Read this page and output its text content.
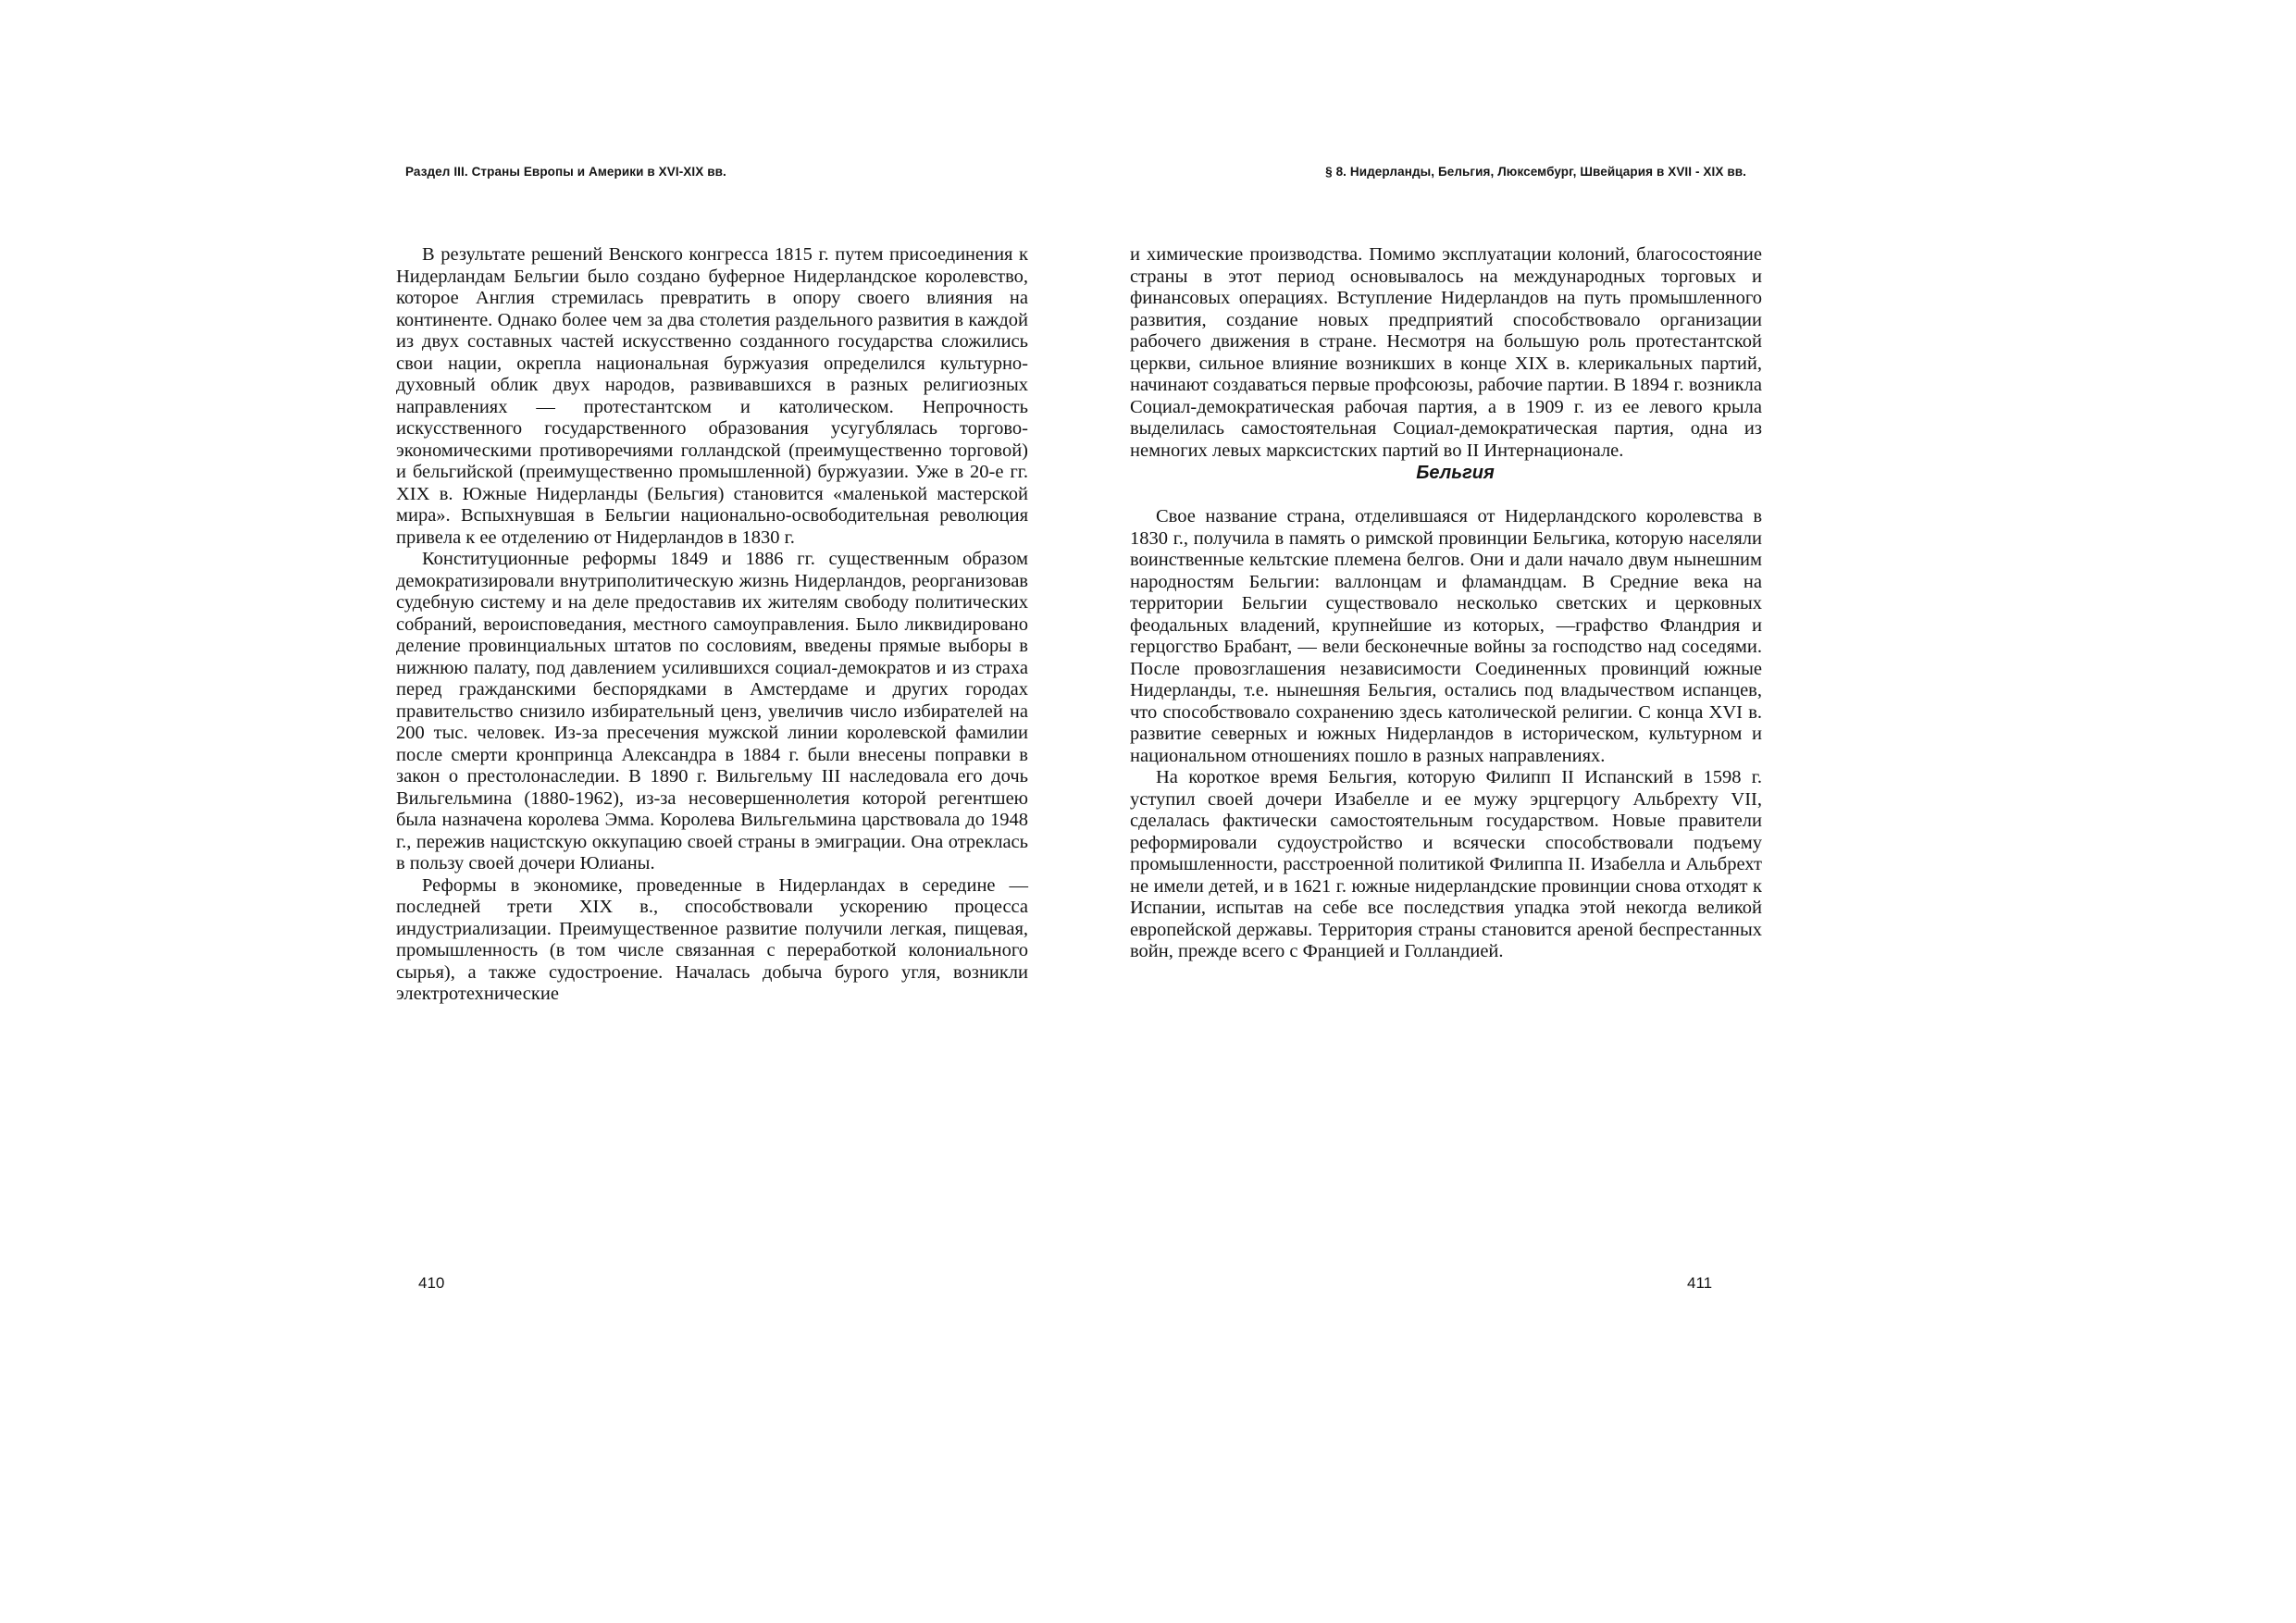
Раздел III. Страны Европы и Америки в XVI-XIX вв.	§ 8. Нидерланды, Бельгия, Люксембург, Швейцария в XVII - XIX вв.

В результате решений Венского конгресса 1815 г. путем присоединения к Нидерландам Бельгии было создано буферное Нидерландское королевство, которое Англия стремилась превратить в опору своего влияния на континенте. Однако более чем за два столетия раздельного развития в каждой из двух составных частей искусственно созданного государства сложились свои нации, окрепла национальная буржуазия определился культурно-духовный облик двух народов, развивавшихся в разных религиозных направлениях — протестантском и католическом. Непрочность искусственного государственного образования усугублялась торгово-экономическими противоречиями голландской (преимущественно торговой) и бельгийской (преимущественно промышленной) буржуазии. Уже в 20-е гг. XIX в. Южные Нидерланды (Бельгия) становится «маленькой мастерской мира». Вспыхнувшая в Бельгии национально-освободительная революция привела к ее отделению от Нидерландов в 1830 г.

Конституционные реформы 1849 и 1886 гг. существенным образом демократизировали внутриполитическую жизнь Нидерландов, реорганизовав судебную систему и на деле предоставив их жителям свободу политических собраний, вероисповедания, местного самоуправления. Было ликвидировано деление провинциальных штатов по сословиям, введены прямые выборы в нижнюю палату, под давлением усилившихся социал-демократов и из страха перед гражданскими беспорядками в Амстердаме и других городах правительство снизило избирательный ценз, увеличив число избирателей на 200 тыс. человек. Из-за пресечения мужской линии королевской фамилии после смерти кронпринца Александра в 1884 г. были внесены поправки в закон о престолонаследии. В 1890 г. Вильгельму III наследовала его дочь Вильгельмина (1880-1962), из-за несовершеннолетия которой регентшею была назначена королева Эмма. Королева Вильгельмина царствовала до 1948 г., пережив нацистскую оккупацию своей страны в эмиграции. Она отреклась в пользу своей дочери Юлианы.

Реформы в экономике, проведенные в Нидерландах в середине — последней трети XIX в., способствовали ускорению процесса индустриализации. Преимущественное развитие получили легкая, пищевая, промышленность (в том числе связанная с переработкой колониального сырья), а также судостроение. Началась добыча бурого угля, возникли электротехнические

и химические производства. Помимо эксплуатации колоний, благосостояние страны в этот период основывалось на международных торговых и финансовых операциях. Вступление Нидерландов на путь промышленного развития, создание новых предприятий способствовало организации рабочего движения в стране. Несмотря на большую роль протестантской церкви, сильное влияние возникших в конце XIX в. клерикальных партий, начинают создаваться первые профсоюзы, рабочие партии. В 1894 г. возникла Социал-демократическая рабочая партия, а в 1909 г. из ее левого крыла выделилась самостоятельная Социал-демократическая партия, одна из немногих левых марксистских партий во II Интернационале.

Бельгия

Свое название страна, отделившаяся от Нидерландского королевства в 1830 г., получила в память о римской провинции Бельгика, которую населяли воинственные кельтские племена белгов. Они и дали начало двум нынешним народностям Бельгии: валлонцам и фламандцам. В Средние века на территории Бельгии существовало несколько светских и церковных феодальных владений, крупнейшие из которых, —графство Фландрия и герцогство Брабант, — вели бесконечные войны за господство над соседями. После провозглашения независимости Соединенных провинций южные Нидерланды, т.е. нынешняя Бельгия, остались под владычеством испанцев, что способствовало сохранению здесь католической религии. С конца XVI в. развитие северных и южных Нидерландов в историческом, культурном и национальном отношениях пошло в разных направлениях.

На короткое время Бельгия, которую Филипп II Испанский в 1598 г. уступил своей дочери Изабелле и ее мужу эрцгерцогу Альбрехту VII, сделалась фактически самостоятельным государством. Новые правители реформировали судоустройство и всячески способствовали подъему промышленности, расстроенной политикой Филиппа II. Изабелла и Альбрехт не имели детей, и в 1621 г. южные нидерландские провинции снова отходят к Испании, испытав на себе все последствия упадка этой некогда великой европейской державы. Территория страны становится ареной беспрестанных войн, прежде всего с Францией и Голландией.

410	411
